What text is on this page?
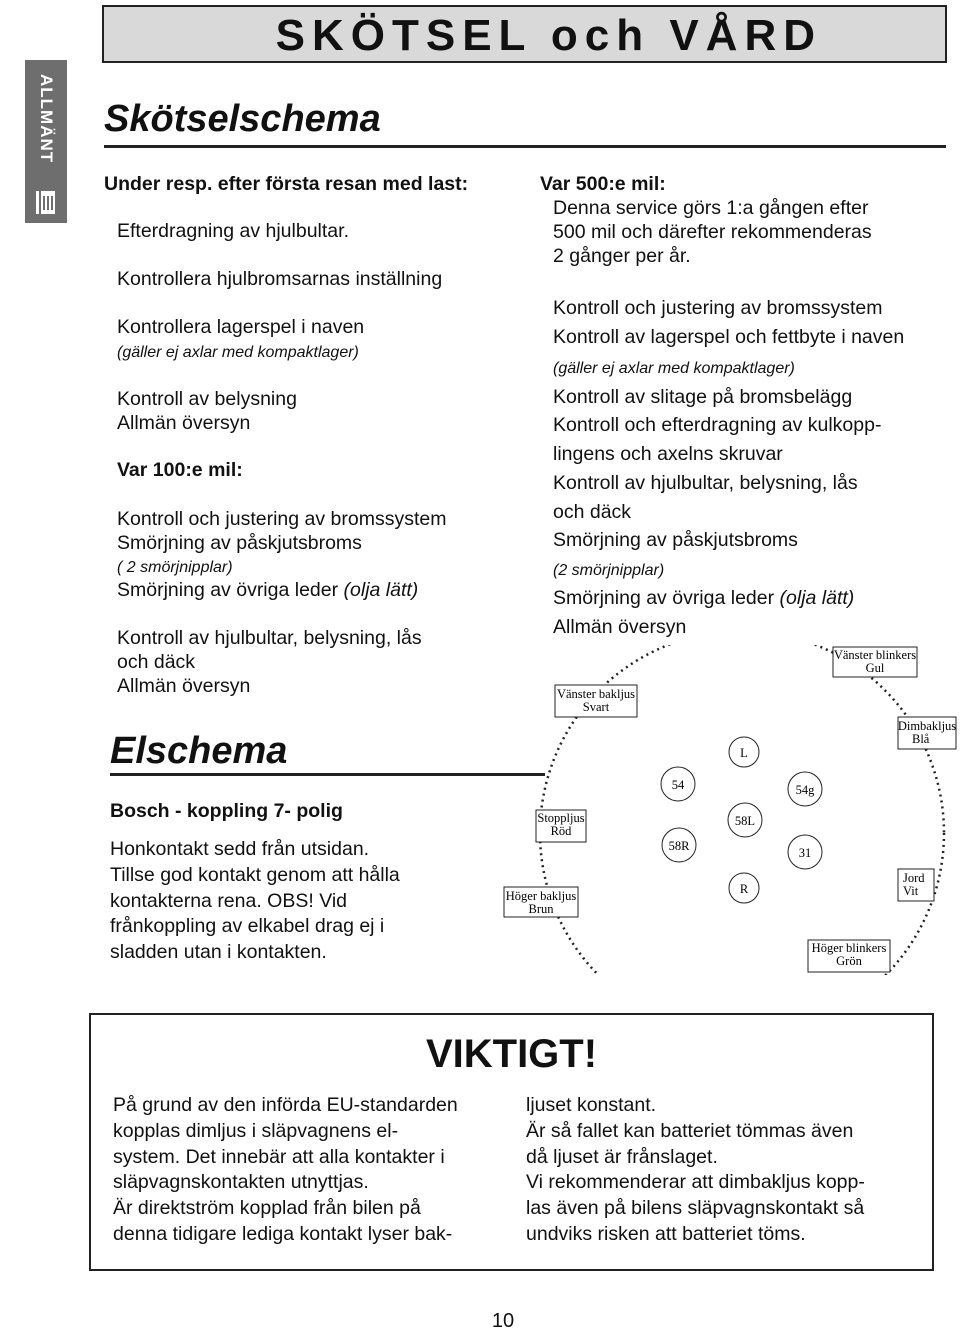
SKÖTSEL och VÅRD
ALLMÄNT Skötselschema
Under resp. efter första resan med last:
Efterdragning av hjulbultar.
Kontrollera hjulbromsarnas inställning
Kontrollera lagerspel i naven
(gäller ej axlar med kompaktlager)
Kontroll av belysning
Allmän översyn
Var 100:e mil:
Kontroll och justering av bromssystem
Smörjning av påskjutsbroms
( 2 smörjnipplar)
Smörjning av övriga leder (olja lätt)
Kontroll av hjulbultar, belysning, lås
och däck
Allmän översyn
Var 500:e mil:
Denna service görs 1:a gången efter
500 mil och därefter rekommenderas
2 gånger per år.
Kontroll och justering av bromssystem
Kontroll av lagerspel och fettbyte i naven
(gäller ej axlar med kompaktlager)
Kontroll av slitage på bromsbelägg
Kontroll och efterdragning av kulkopp-
lingens och axelns skruvar
Kontroll av hjulbultar, belysning, lås
och däck
Smörjning av påskjutsbroms
(2 smörjnipplar)
Smörjning av övriga leder (olja lätt)
Allmän översyn
Elschema
Bosch - koppling 7- polig
Honkontakt sedd från utsidan.
Tillse god kontakt genom att hålla
kontakterna rena. OBS! Vid
frånkoppling av elkabel drag ej i
sladden utan i kontakten.
L
54g
54
58L
58R	31
R
Vänster blinkers
Gul
Vänster bakljus
Svart
Dimbakljus
Blå
Stoppljus
Röd
Höger bakljus
Brun
Jord
Vit
Höger blinkers
Grön
VIKTIGT!
På grund av den införda EU-standarden
kopplas dimljus i släpvagnens el-
system. Det innebär att alla kontakter i
släpvagnskontakten utnyttjas.
Är direktström kopplad från bilen på
denna tidigare lediga kontakt lyser bak-
ljuset konstant.
Är så fallet kan batteriet tömmas även
då ljuset är frånslaget.
Vi rekommenderar att dimbakljus kopp-
las även på bilens släpvagnskontakt så
undviks risken att batteriet töms.
10
